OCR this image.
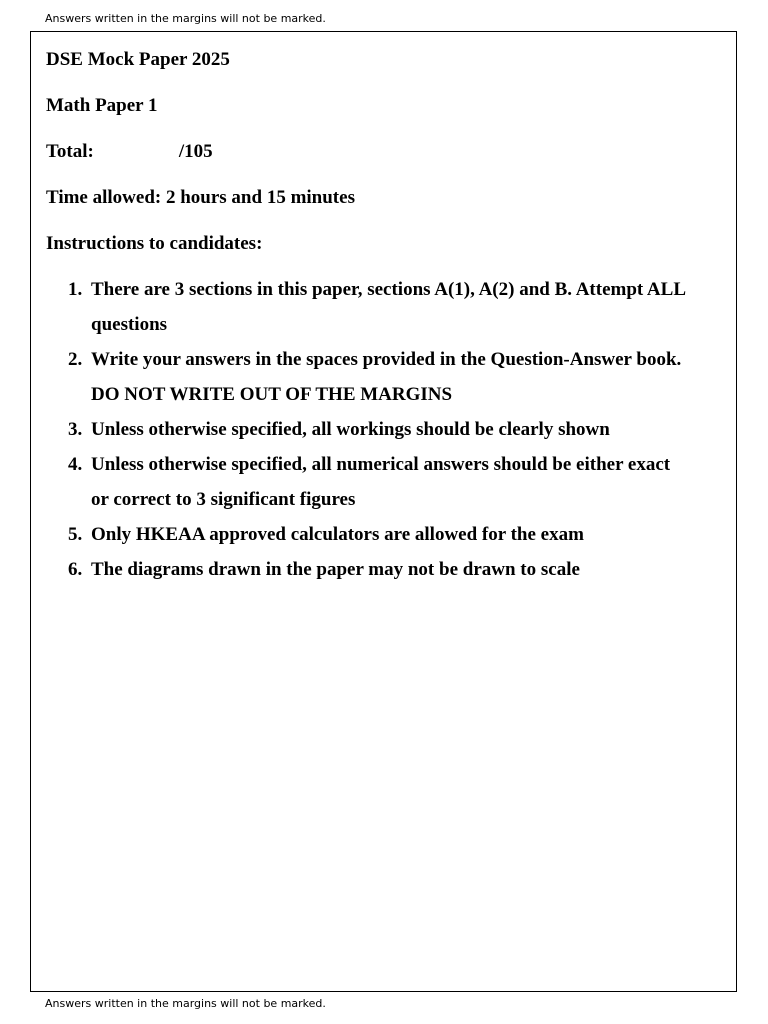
Answers written in the margins will not be marked.
DSE Mock Paper 2025
Math Paper 1
Total:	/105
Time allowed: 2 hours and 15 minutes
Instructions to candidates:
1. There are 3 sections in this paper, sections A(1), A(2) and B. Attempt ALL
questions
2. Write your answers in the spaces provided in the Question-Answer book.
DO NOT WRITE OUT OF THE MARGINS
3. Unless otherwise specified, all workings should be clearly shown
4. Unless otherwise specified, all numerical answers should be either exact
or correct to 3 significant figures
5. Only HKEAA approved calculators are allowed for the exam
6. The diagrams drawn in the paper may not be drawn to scale
Answers written in the margins will not be marked.
